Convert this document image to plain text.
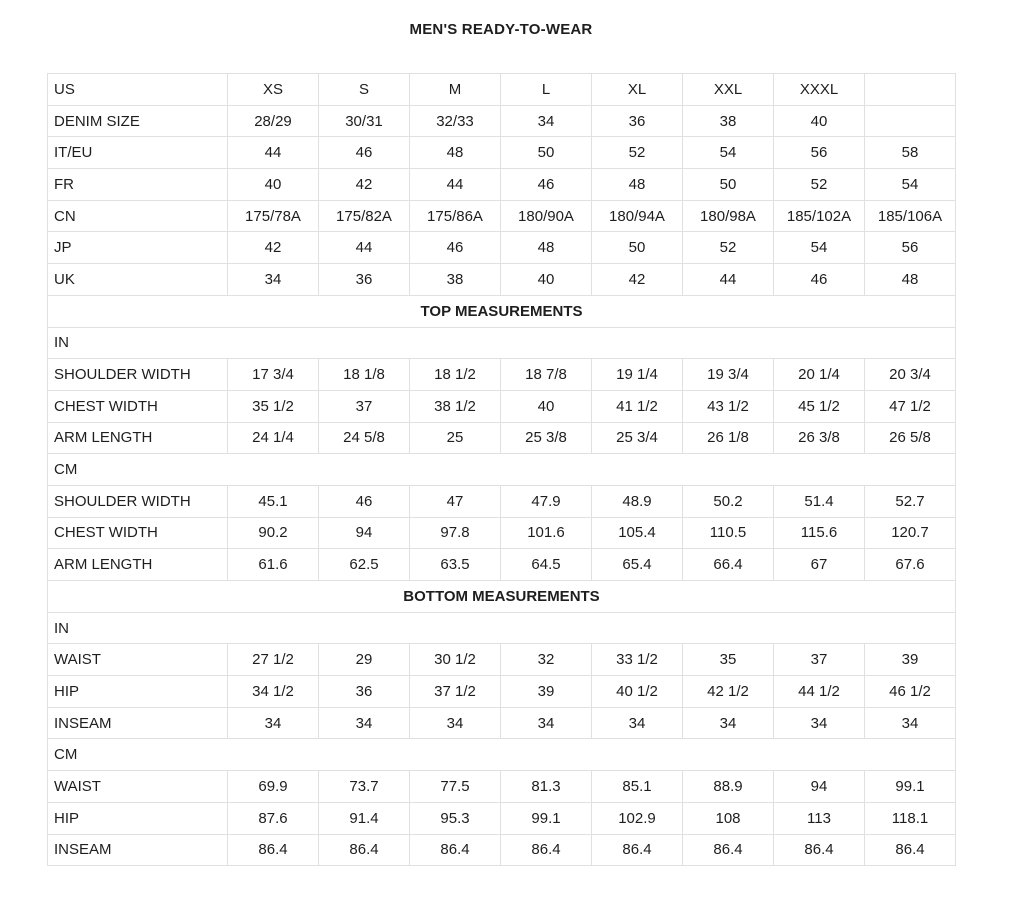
MEN'S READY-TO-WEAR
US	XS	S	M	L	XL	XXL	XXXL	
DENIM SIZE	28/29	30/31	32/33	34	36	38	40	
IT/EU	44	46	48	50	52	54	56	58
FR	40	42	44	46	48	50	52	54
CN	175/78A	175/82A	175/86A	180/90A	180/94A	180/98A	185/102A	185/106A
JP	42	44	46	48	50	52	54	56
UK	34	36	38	40	42	44	46	48
TOP MEASUREMENTS								
IN								
SHOULDER WIDTH	17 3/4	18 1/8	18 1/2	18 7/8	19 1/4	19 3/4	20 1/4	20 3/4
CHEST WIDTH	35 1/2	37	38 1/2	40	41 1/2	43 1/2	45 1/2	47 1/2
ARM LENGTH	24 1/4	24 5/8	25	25 3/8	25 3/4	26 1/8	26 3/8	26 5/8
CM								
SHOULDER WIDTH	45.1	46	47	47.9	48.9	50.2	51.4	52.7
CHEST WIDTH	90.2	94	97.8	101.6	105.4	110.5	115.6	120.7
ARM LENGTH	61.6	62.5	63.5	64.5	65.4	66.4	67	67.6
BOTTOM MEASUREMENTS								
IN								
WAIST	27 1/2	29	30 1/2	32	33 1/2	35	37	39
HIP	34 1/2	36	37 1/2	39	40 1/2	42 1/2	44 1/2	46 1/2
INSEAM	34	34	34	34	34	34	34	34
CM								
WAIST	69.9	73.7	77.5	81.3	85.1	88.9	94	99.1
HIP	87.6	91.4	95.3	99.1	102.9	108	113	118.1
INSEAM	86.4	86.4	86.4	86.4	86.4	86.4	86.4	86.4
